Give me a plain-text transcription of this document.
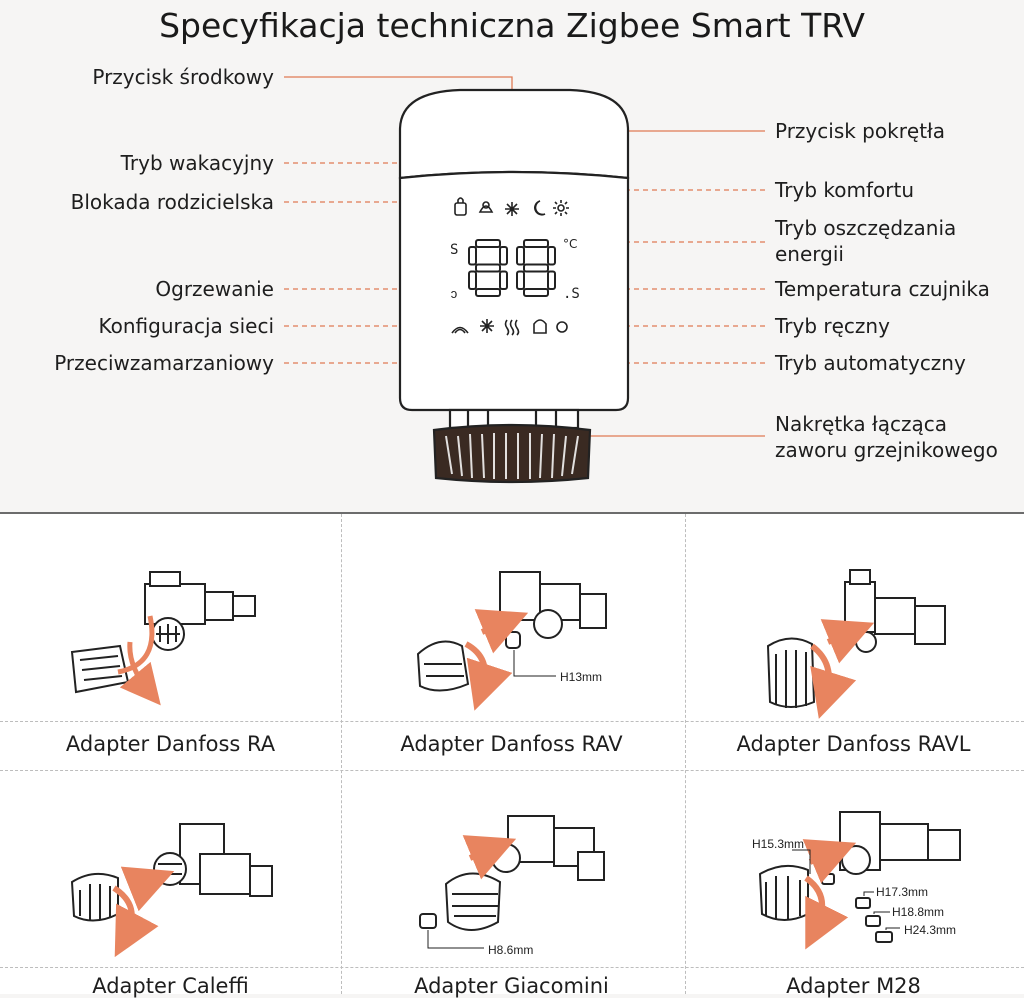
Specyfikacja techniczna Zigbee Smart TRV
S	°C
ↄ	.S
Przycisk środkowy
Tryb wakacyjny
Blokada rodzicielska
Ogrzewanie
Konfiguracja sieci
Przeciwzamarzaniowy
Przycisk pokrętła
Tryb komfortu
Tryb oszczędzania
energii
Temperatura czujnika
Tryb ręczny
Tryb automatyczny
Nakrętka łącząca
zaworu grzejnikowego
H13mm
H8.6mm
H15.3mm
H17.3mm
H18.8mm
H24.3mm
Adapter Danfoss RA	Adapter Danfoss RAV	Adapter Danfoss RAVL
Adapter Caleffi	Adapter Giacomini	Adapter M28
